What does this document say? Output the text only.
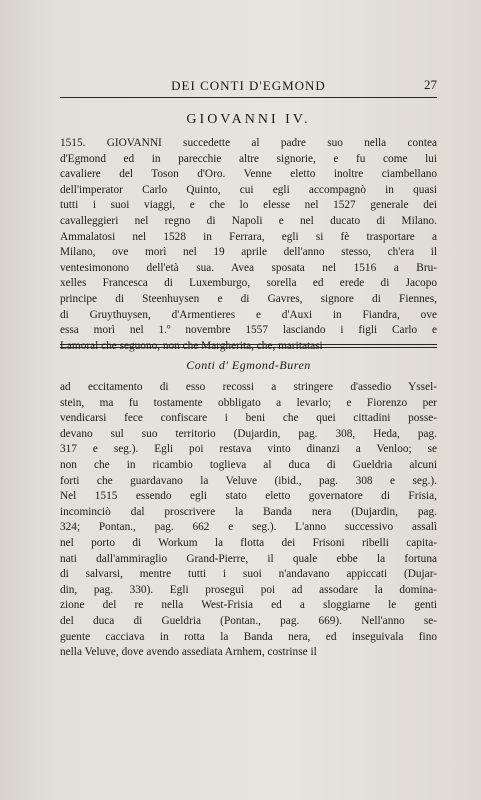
DEI CONTI D'EGMOND	27
GIOVANNI IV.
1515. GIOVANNI succedette al padre suo nella contea
d'Egmond ed in parecchie altre signorie, e fu come lui
cavaliere del Toson d'Oro. Venne eletto inoltre ciambellano
dell'imperator Carlo Quinto, cui egli accompagnò in quasi
tutti i suoi viaggi, e che lo elesse nel 1527 generale dei
cavalleggieri nel regno di Napoli e nel ducato di Milano.
Ammalatosi nel 1528 in Ferrara, egli si fè trasportare a
Milano, ove morì nel 19 aprile dell'anno stesso, ch'era il
ventesimonono dell'età sua. Avea sposata nel 1516 a Bru-
xelles Francesca di Luxemburgo, sorella ed erede di Jacopo
principe di Steenhuysen e di Gavres, signore di Fiennes,
di Gruythuysen, d'Armentieres e d'Auxi in Fiandra, ove
essa morì nel 1.º novembre 1557 lasciando i figli Carlo e
Lamoral che seguono, non che Margherita, che, maritatasi
Conti d' Egmond-Buren
ad eccitamento di esso recossi a stringere d'assedio Yssel-
stein, ma fu tostamente obbligato a levarlo; e Fiorenzo per
vendicarsi fece confiscare i beni che quei cittadini posse-
devano sul suo territorio (Dujardin, pag. 308, Heda, pag.
317 e seg.). Egli poi restava vinto dinanzi a Venloo; se
non che in ricambio toglieva al duca di Gueldria alcuni
forti che guardavano la Veluve (ibid., pag. 308 e seg.).
Nel 1515 essendo egli stato eletto governatore di Frisia,
incominciò dal proscrivere la Banda nera (Dujardin, pag.
324; Pontan., pag. 662 e seg.). L'anno successivo assalì
nel porto di Workum la flotta dei Frisoni ribelli capita-
nati dall'ammiraglio Grand-Pierre, il quale ebbe la fortuna
di salvarsi, mentre tutti i suoi n'andavano appiccati (Dujar-
din, pag. 330). Egli proseguì poi ad assodare la domina-
zione del re nella West-Frisia ed a sloggiarne le genti
del duca di Gueldria (Pontan., pag. 669). Nell'anno se-
guente cacciava in rotta la Banda nera, ed inseguivala fino
nella Veluve, dove avendo assediata Arnhem, costrinse il
